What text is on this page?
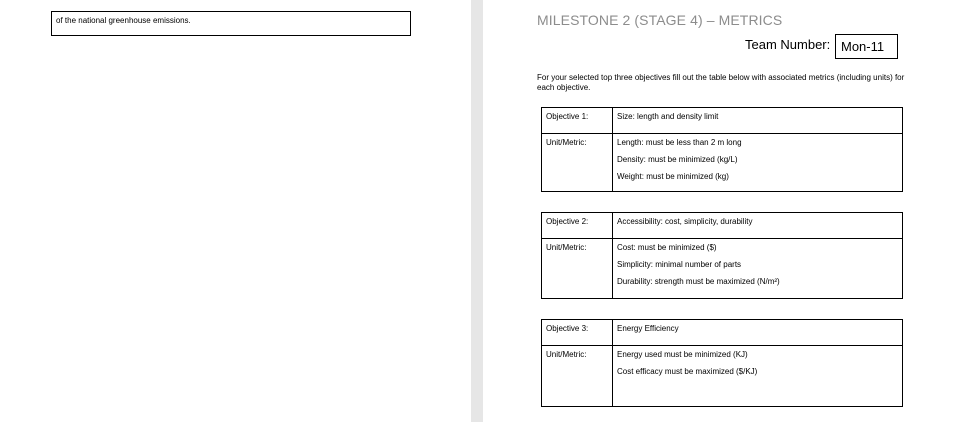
of the national greenhouse emissions.	MILESTONE 2 (STAGE 4) – METRICS
Team Number: Mon-11
For your selected top three objectives fill out the table below with associated metrics (including units) for each objective.
Objective 1:	Size: length and density limit
Unit/Metric:	Length: must be less than 2 m long
Density: must be minimized (kg/L)
Weight: must be minimized (kg)
Objective 2:	Accessibility: cost, simplicity, durability
Unit/Metric:	Cost: must be minimized ($)
Simplicity: minimal number of parts
Durability: strength must be maximized (N/m²)
Objective 3:	Energy Efficiency
Unit/Metric:	Energy used must be minimized (KJ)
Cost efficacy must be maximized ($/KJ)
